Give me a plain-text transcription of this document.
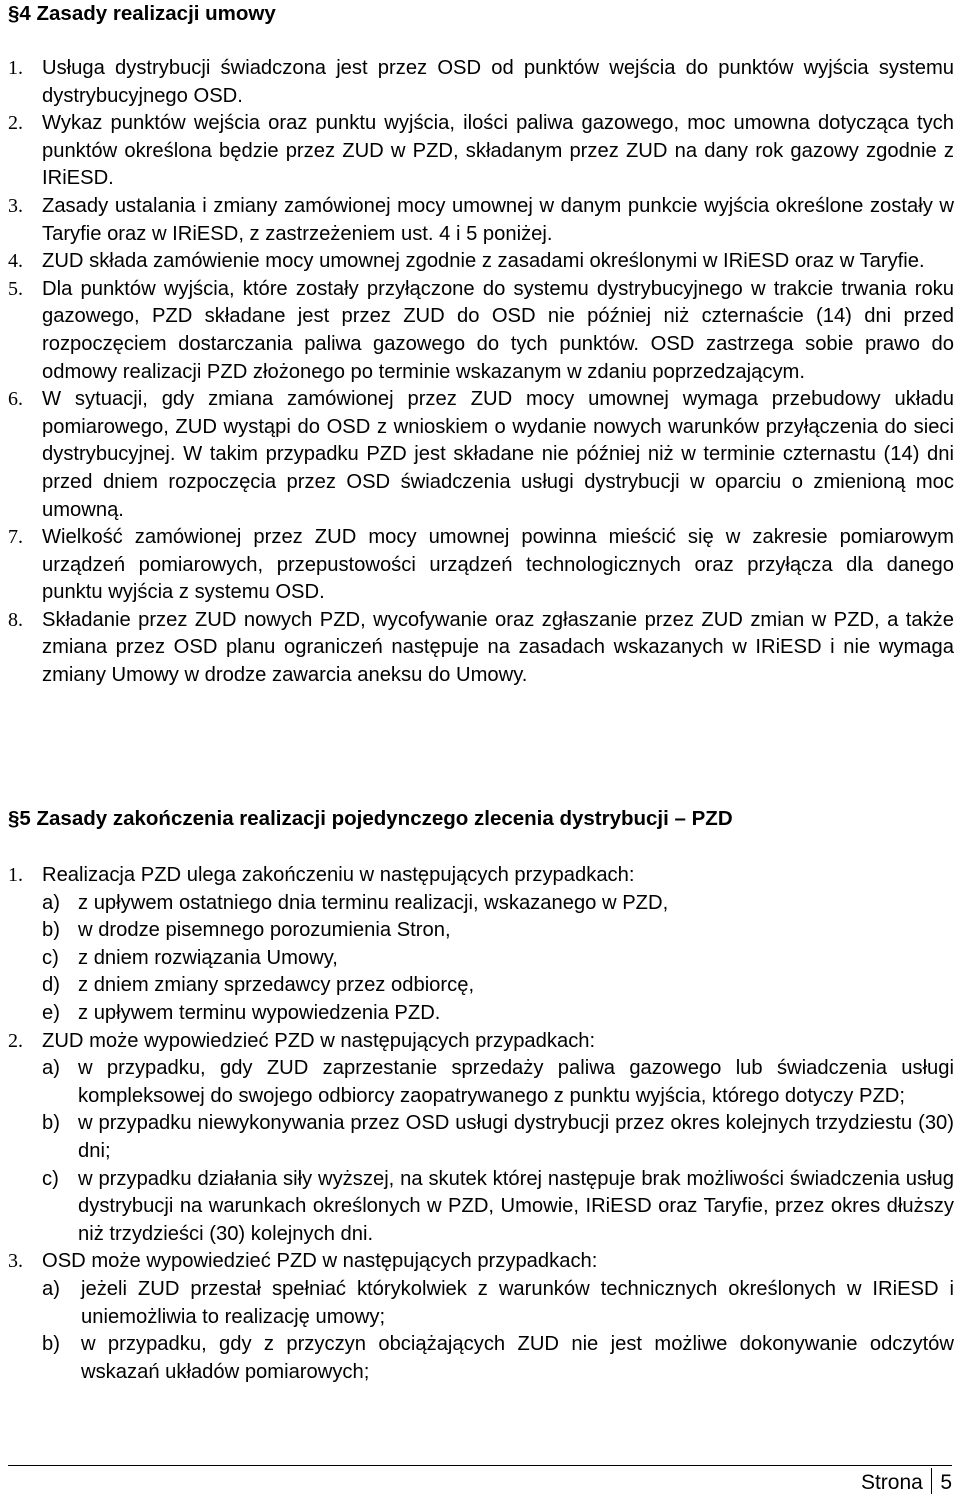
§4 Zasady realizacji umowy
1. Usługa dystrybucji świadczona jest przez OSD od punktów wejścia do punktów wyjścia systemu dystrybucyjnego OSD.
2. Wykaz punktów wejścia oraz punktu wyjścia, ilości paliwa gazowego, moc umowna dotycząca tych punktów określona będzie przez ZUD w PZD, składanym przez ZUD na dany rok gazowy zgodnie z IRiESD.
3. Zasady ustalania i zmiany zamówionej mocy umownej w danym punkcie wyjścia określone zostały w Taryfie oraz w IRiESD, z zastrzeżeniem ust. 4 i 5 poniżej.
4. ZUD składa zamówienie mocy umownej zgodnie z zasadami określonymi w IRiESD oraz w Taryfie.
5. Dla punktów wyjścia, które zostały przyłączone do systemu dystrybucyjnego w trakcie trwania roku gazowego, PZD składane jest przez ZUD do OSD nie później niż czternaście (14) dni przed rozpoczęciem dostarczania paliwa gazowego do tych punktów. OSD zastrzega sobie prawo do odmowy realizacji PZD złożonego po terminie wskazanym w zdaniu poprzedzającym.
6. W sytuacji, gdy zmiana zamówionej przez ZUD mocy umownej wymaga przebudowy układu pomiarowego, ZUD wystąpi do OSD z wnioskiem o wydanie nowych warunków przyłączenia do sieci dystrybucyjnej. W takim przypadku PZD jest składane nie później niż w terminie czternastu (14) dni przed dniem rozpoczęcia przez OSD świadczenia usługi dystrybucji w oparciu o zmienioną moc umowną.
7. Wielkość zamówionej przez ZUD mocy umownej powinna mieścić się w zakresie pomiarowym urządzeń pomiarowych, przepustowości urządzeń technologicznych oraz przyłącza dla danego punktu wyjścia z systemu OSD.
8. Składanie przez ZUD nowych PZD, wycofywanie oraz zgłaszanie przez ZUD zmian w PZD, a także zmiana przez OSD planu ograniczeń następuje na zasadach wskazanych w IRiESD i nie wymaga zmiany Umowy w drodze zawarcia aneksu do Umowy.
§5 Zasady zakończenia realizacji pojedynczego zlecenia dystrybucji – PZD
1. Realizacja PZD ulega zakończeniu w następujących przypadkach:
a) z upływem ostatniego dnia terminu realizacji, wskazanego w PZD,
b) w drodze pisemnego porozumienia Stron,
c) z dniem rozwiązania Umowy,
d) z dniem zmiany sprzedawcy przez odbiorcę,
e) z upływem terminu wypowiedzenia PZD.
2. ZUD może wypowiedzieć PZD w następujących przypadkach:
a) w przypadku, gdy ZUD zaprzestanie sprzedaży paliwa gazowego lub świadczenia usługi kompleksowej do swojego odbiorcy zaopatrywanego z punktu wyjścia, którego dotyczy PZD;
b) w przypadku niewykonywania przez OSD usługi dystrybucji przez okres kolejnych trzydziestu (30) dni;
c) w przypadku działania siły wyższej, na skutek której następuje brak możliwości świadczenia usług dystrybucji na warunkach określonych w PZD, Umowie, IRiESD oraz Taryfie, przez okres dłuższy niż trzydzieści (30) kolejnych dni.
3. OSD może wypowiedzieć PZD w następujących przypadkach:
a) jeżeli ZUD przestał spełniać którykolwiek z warunków technicznych określonych w IRiESD i uniemożliwia to realizację umowy;
b) w przypadku, gdy z przyczyn obciążających ZUD nie jest możliwe dokonywanie odczytów wskazań układów pomiarowych;
Strona 5
